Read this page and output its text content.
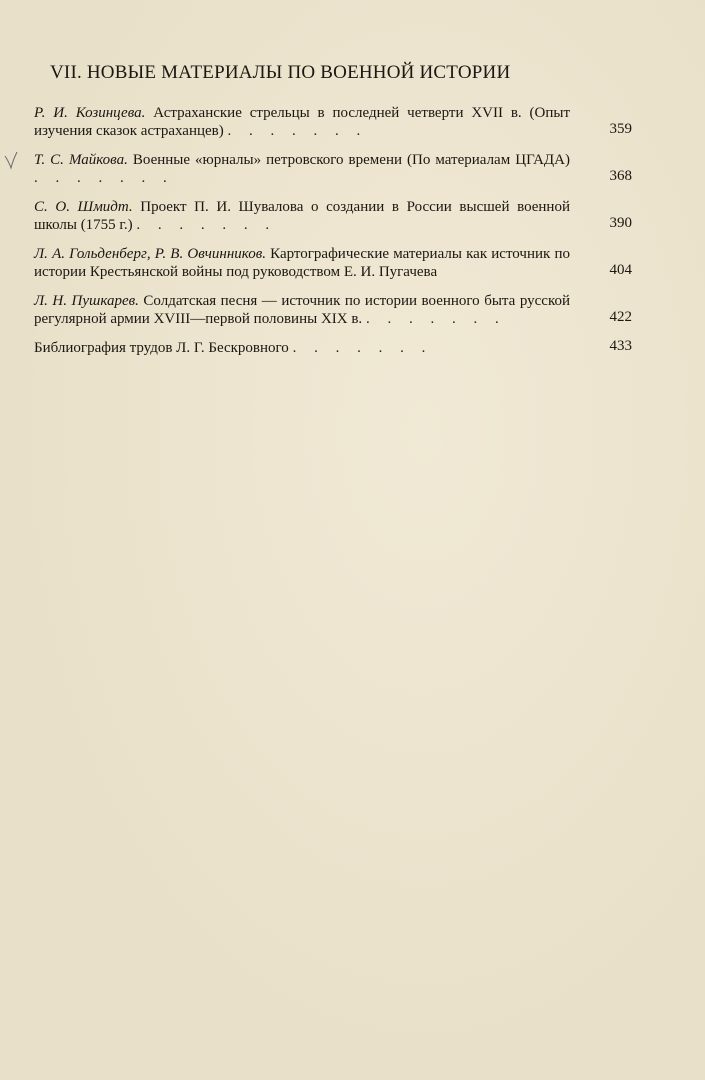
VII. НОВЫЕ МАТЕРИАЛЫ ПО ВОЕННОЙ ИСТОРИИ
Р. И. Козинцева. Астраханские стрельцы в последней четверти XVII в. (Опыт изучения сказок астраханцев) . . . . . . .	359
Т. С. Майкова. Военные «юрналы» петровского времени (По материалам ЦГАДА) . . . . . . .	368
С. О. Шмидт. Проект П. И. Шувалова о создании в России высшей военной школы (1755 г.) . . . . . . .	390
Л. А. Гольденберг, Р. В. Овчинников. Картографические материалы как источник по истории Крестьянской войны под руководством Е. И. Пугачева	404
Л. Н. Пушкарев. Солдатская песня — источник по истории военного быта русской регулярной армии XVIII—первой половины XIX в. . . . . . . .	422
Библиография трудов Л. Г. Бескровного . . . . . . .	433
